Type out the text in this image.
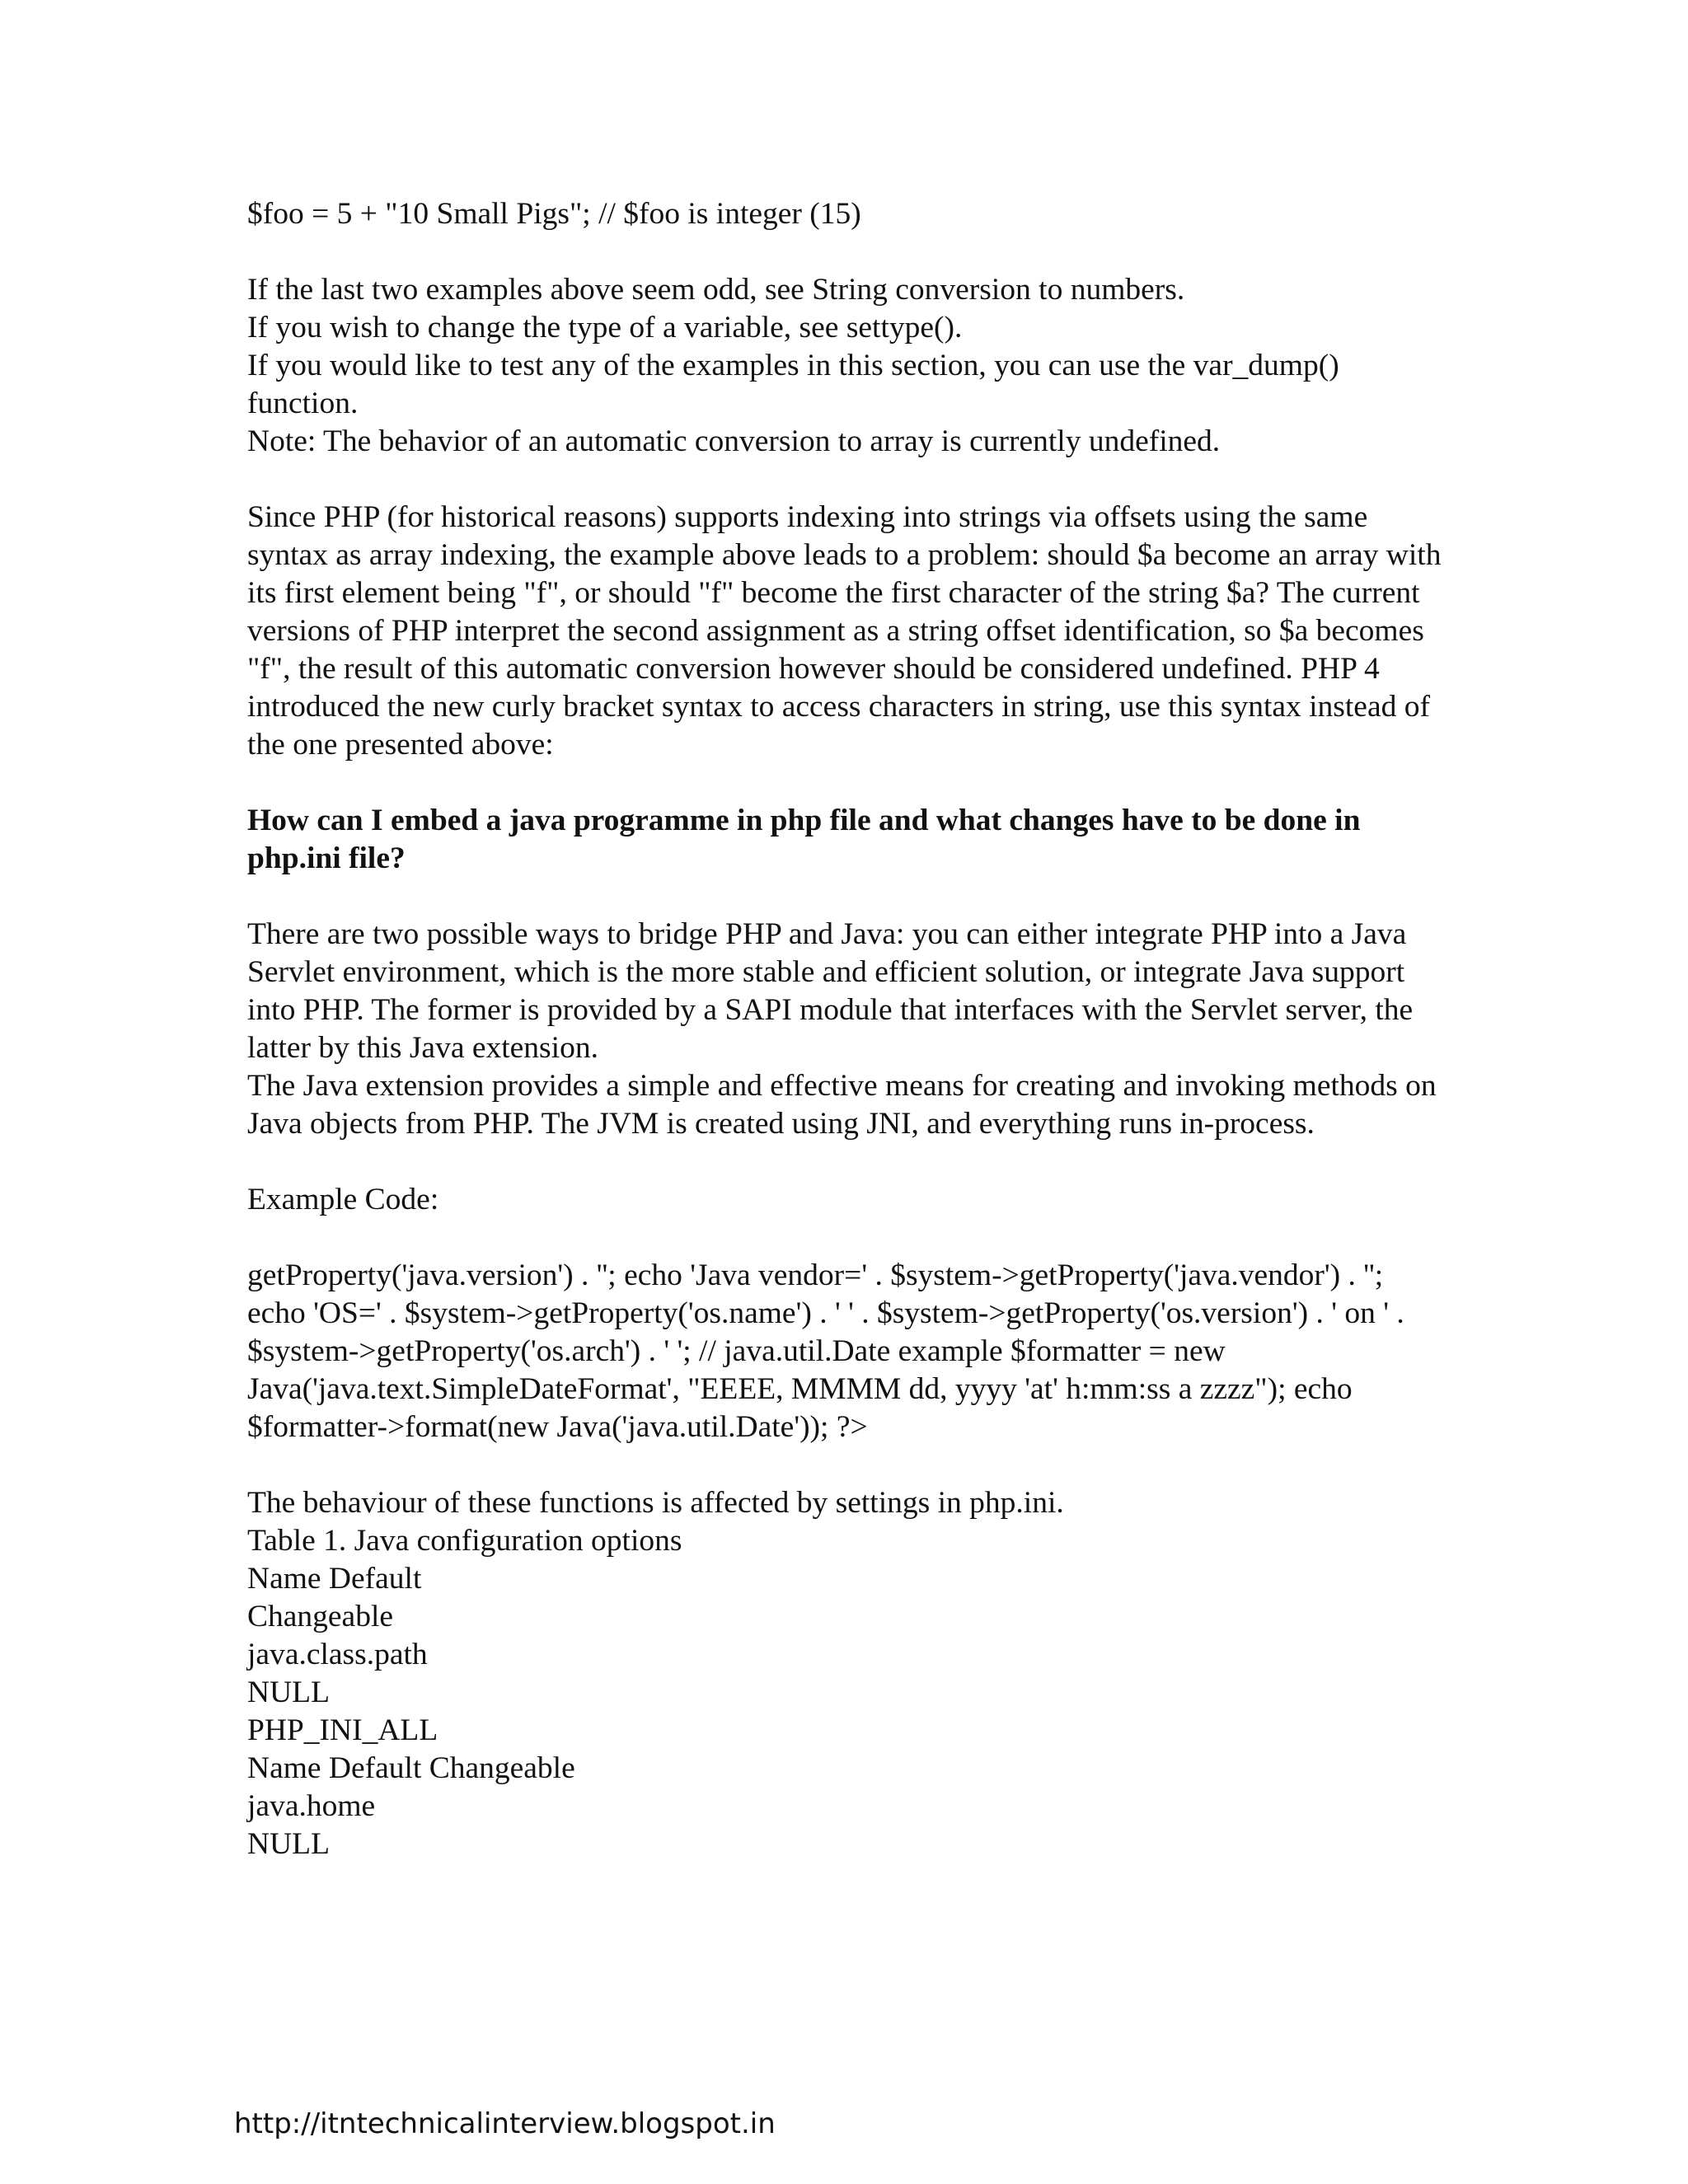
$foo = 5 + "10 Small Pigs"; // $foo is integer (15)

If the last two examples above seem odd, see String conversion to numbers.

If you wish to change the type of a variable, see settype().

If you would like to test any of the examples in this section, you can use the var_dump() function.

Note: The behavior of an automatic conversion to array is currently undefined.

Since PHP (for historical reasons) supports indexing into strings via offsets using the same syntax as array indexing, the example above leads to a problem: should $a become an array with its first element being "f", or should "f" become the first character of the string $a? The current versions of PHP interpret the second assignment as a string offset identification, so $a becomes "f", the result of this automatic conversion however should be considered undefined. PHP 4 introduced the new curly bracket syntax to access characters in string, use this syntax instead of the one presented above:

How can I embed a java programme in php file and what changes have to be done in php.ini file?

There are two possible ways to bridge PHP and Java: you can either integrate PHP into a Java Servlet environment, which is the more stable and efficient solution, or integrate Java support into PHP. The former is provided by a SAPI module that interfaces with the Servlet server, the latter by this Java extension.

The Java extension provides a simple and effective means for creating and invoking methods on Java objects from PHP. The JVM is created using JNI, and everything runs in-process.

Example Code:

getProperty('java.version') . ''; echo 'Java vendor=' . $system->getProperty('java.vendor') . ''; echo 'OS=' . $system->getProperty('os.name') . ' ' . $system->getProperty('os.version') . ' on ' . $system->getProperty('os.arch') . ' '; // java.util.Date example $formatter = new Java('java.text.SimpleDateFormat', "EEEE, MMMM dd, yyyy 'at' h:mm:ss a zzzz"); echo $formatter->format(new Java('java.util.Date')); ?>

The behaviour of these functions is affected by settings in php.ini.

Table 1. Java configuration options

Name Default

Changeable

java.class.path

NULL

PHP_INI_ALL

Name Default Changeable

java.home

NULL

http://itntechnicalinterview.blogspot.in
